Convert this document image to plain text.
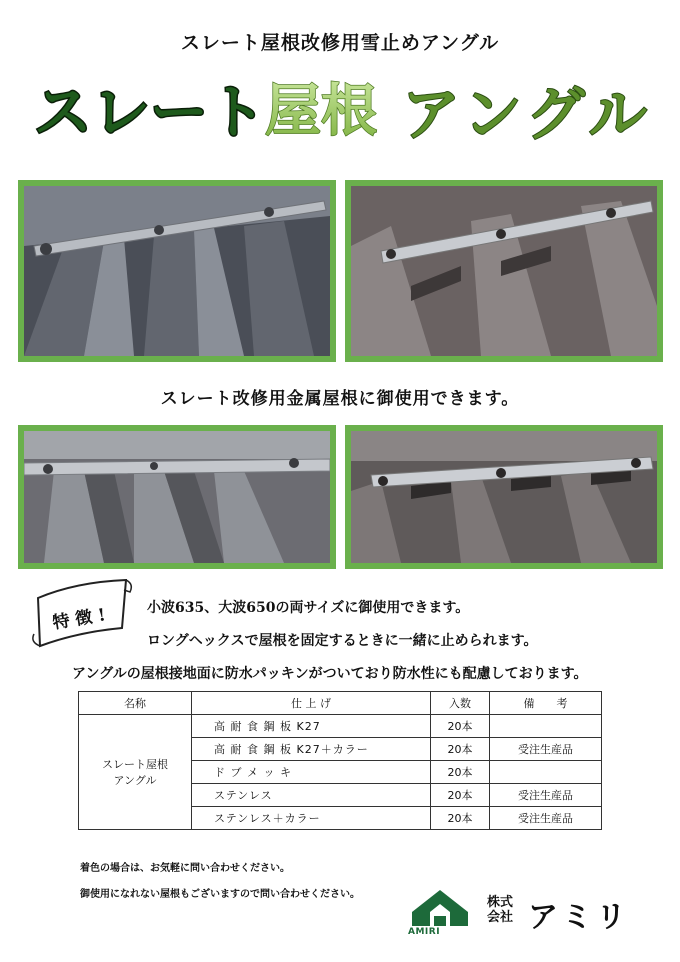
スレート屋根改修用雪止めアングル
スレート
屋根 アングル
スレート改修用金属屋根に御使用できます。
特 徴 !	小波635、大波650の両サイズに御使用できます。
ロングヘックスで屋根を固定するときに一緒に止められます。
アングルの屋根接地面に防水パッキンがついており防水性にも配慮しております。
名称	仕 上 げ	入数	備　　考
スレート屋根
アングル	高 耐 食 鋼 板 K27	20本	
	高 耐 食 鋼 板 K27＋カラー	20本	受注生産品
	ド ブ メ ッ キ	20本	
	ステンレス	20本	受注生産品
	ステンレス＋カラー	20本	受注生産品
着色の場合は、お気軽に問い合わせください。
御使用になれない屋根もございますので問い合わせください。
AMIRI
株式
会社 アミリ
